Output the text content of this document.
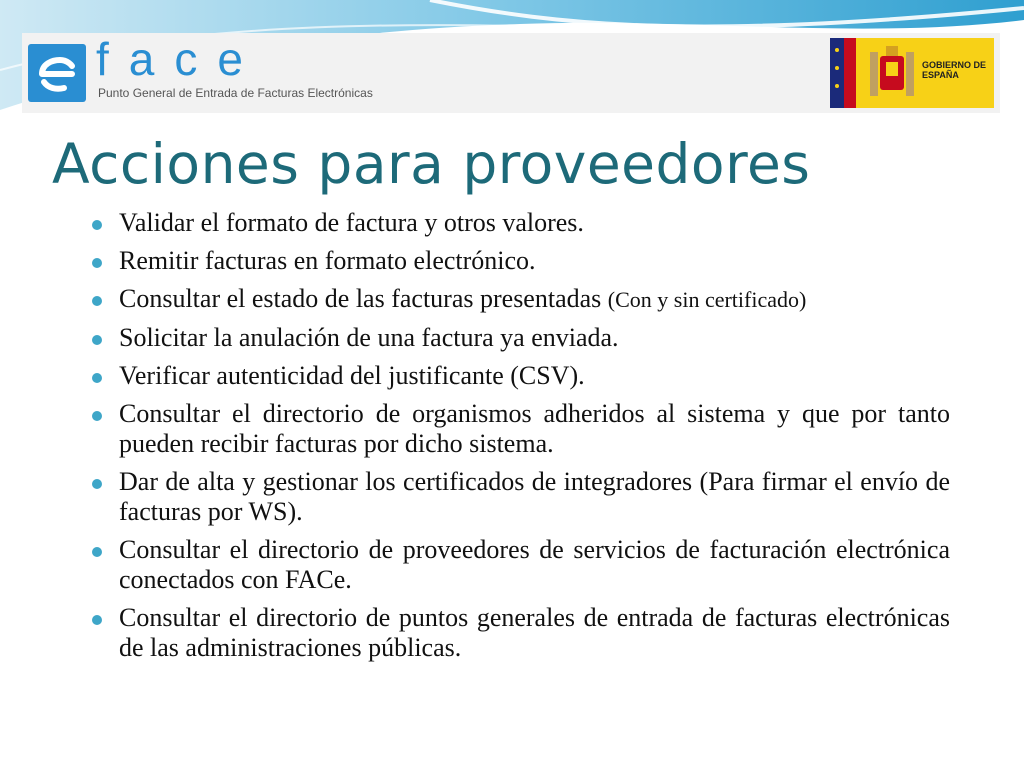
face
Punto General de Entrada de Facturas Electrónicas
GOBIERNO DE ESPAÑA
Acciones para proveedores
Validar el formato de factura y otros valores.
Remitir facturas en formato electrónico.
Consultar el estado de las facturas presentadas (Con y sin certificado)
Solicitar la anulación de una factura ya enviada.
Verificar autenticidad del justificante (CSV).
Consultar el directorio de organismos adheridos al sistema y que por tanto pueden recibir facturas por dicho sistema.
Dar de alta y gestionar los certificados de integradores (Para firmar el envío de facturas por WS).
Consultar el directorio de proveedores de servicios de facturación electrónica conectados con FACe.
Consultar el directorio de puntos generales de entrada de facturas electrónicas de las administraciones públicas.
